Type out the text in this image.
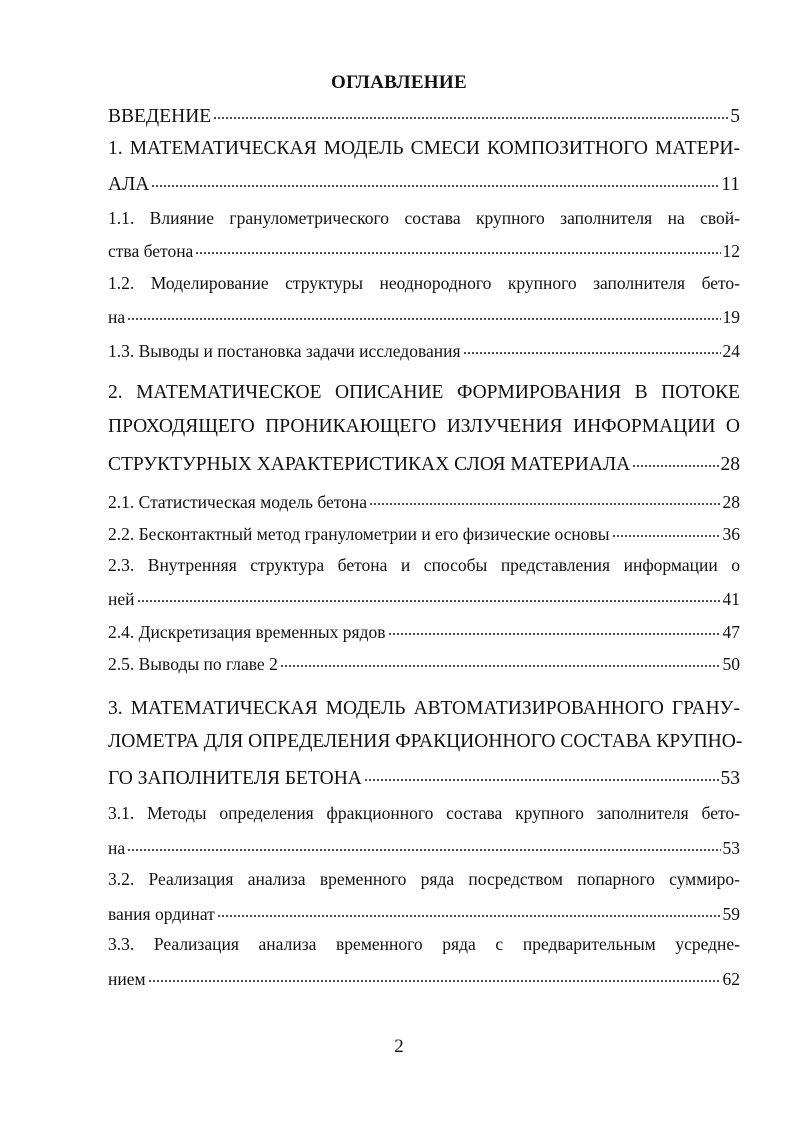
ОГЛАВЛЕНИЕ
ВВЕДЕНИЕ	5
1. МАТЕМАТИЧЕСКАЯ МОДЕЛЬ СМЕСИ КОМПОЗИТНОГО МАТЕРИ-
АЛА	11
1.1. Влияние гранулометрического состава крупного заполнителя на свой-
ства бетона	12
1.2. Моделирование структуры неоднородного крупного заполнителя бето-
на	19
1.3. Выводы и постановка задачи исследования	24
2. МАТЕМАТИЧЕСКОЕ ОПИСАНИЕ ФОРМИРОВАНИЯ В ПОТОКЕ
ПРОХОДЯЩЕГО ПРОНИКАЮЩЕГО ИЗЛУЧЕНИЯ ИНФОРМАЦИИ О
СТРУКТУРНЫХ ХАРАКТЕРИСТИКАХ СЛОЯ МАТЕРИАЛА	28
2.1. Статистическая модель бетона	28
2.2. Бесконтактный метод гранулометрии и его физические основы	36
2.3. Внутренняя структура бетона и способы представления информации о
ней	41
2.4. Дискретизация временных рядов	47
2.5. Выводы по главе 2	50
3. МАТЕМАТИЧЕСКАЯ МОДЕЛЬ АВТОМАТИЗИРОВАННОГО ГРАНУ-
ЛОМЕТРА ДЛЯ ОПРЕДЕЛЕНИЯ ФРАКЦИОННОГО СОСТАВА КРУПНО-
ГО ЗАПОЛНИТЕЛЯ БЕТОНА	53
3.1. Методы определения фракционного состава крупного заполнителя бето-
на	53
3.2. Реализация анализа временного ряда посредством попарного суммиро-
вания ординат	59
3.3. Реализация анализа временного ряда с предварительным усредне-
нием	62
2
